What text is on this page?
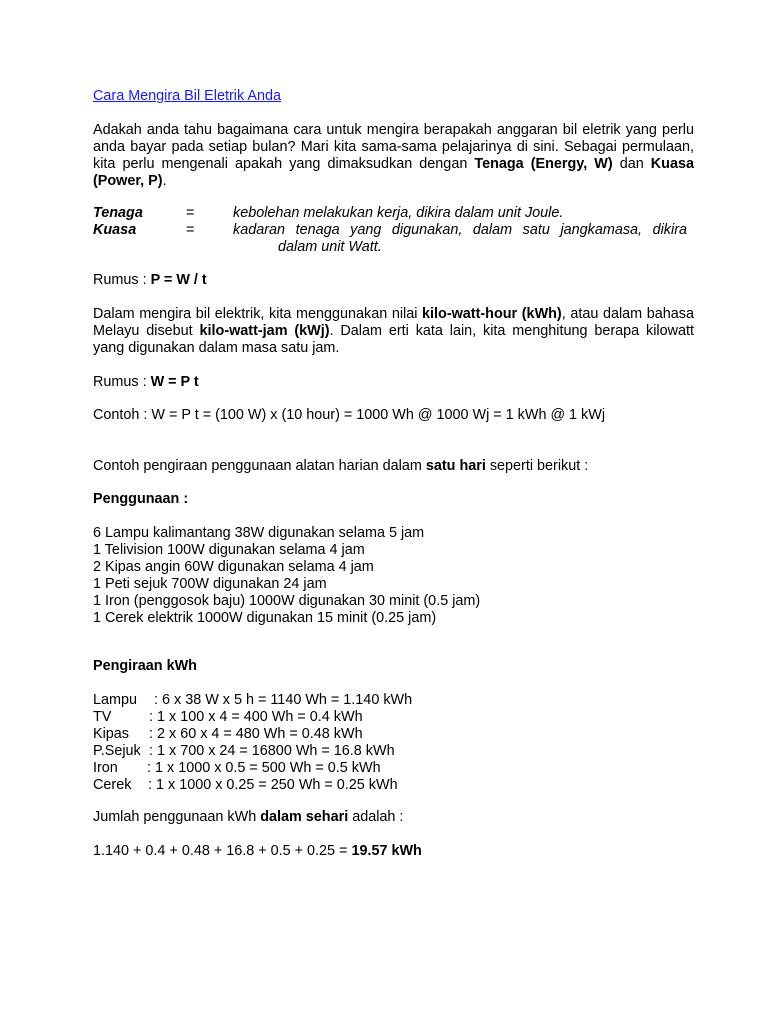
Cara Mengira Bil Eletrik Anda

Adakah anda tahu bagaimana cara untuk mengira berapakah anggaran bil eletrik yang perlu anda bayar pada setiap bulan? Mari kita sama-sama pelajarinya di sini. Sebagai permulaan, kita perlu mengenali apakah yang dimaksudkan dengan Tenaga (Energy, W) dan Kuasa (Power, P).

Tenaga	=	kebolehan melakukan kerja, dikira dalam unit Joule.
Kuasa	=	kadaran tenaga yang digunakan, dalam satu jangkamasa, dikira
dalam unit Watt.

Rumus : P = W / t

Dalam mengira bil elektrik, kita menggunakan nilai kilo-watt-hour (kWh), atau dalam bahasa Melayu disebut kilo-watt-jam (kWj). Dalam erti kata lain, kita menghitung berapa kilowatt yang digunakan dalam masa satu jam.

Rumus : W = P t

Contoh : W = P t = (100 W) x (10 hour) = 1000 Wh @ 1000 Wj = 1 kWh @ 1 kWj

Contoh pengiraan penggunaan alatan harian dalam satu hari seperti berikut :

Penggunaan :

6 Lampu kalimantang 38W digunakan selama 5 jam
1 Telivision 100W digunakan selama 4 jam
2 Kipas angin 60W digunakan selama 4 jam
1 Peti sejuk 700W digunakan 24 jam
1 Iron (penggosok baju) 1000W digunakan 30 minit (0.5 jam)
1 Cerek elektrik 1000W digunakan 15 minit (0.25 jam)

Pengiraan kWh

Lampu : 6 x 38 W x 5 h = 1140 Wh = 1.140 kWh
TV	: 1 x 100 x 4 = 400 Wh = 0.4 kWh
Kipas : 2 x 60 x 4 = 480 Wh = 0.48 kWh
P.Sejuk : 1 x 700 x 24 = 16800 Wh = 16.8 kWh
Iron : 1 x 1000 x 0.5 = 500 Wh = 0.5 kWh
Cerek : 1 x 1000 x 0.25 = 250 Wh = 0.25 kWh

Jumlah penggunaan kWh dalam sehari adalah :

1.140 + 0.4 + 0.48 + 16.8 + 0.5 + 0.25 = 19.57 kWh
